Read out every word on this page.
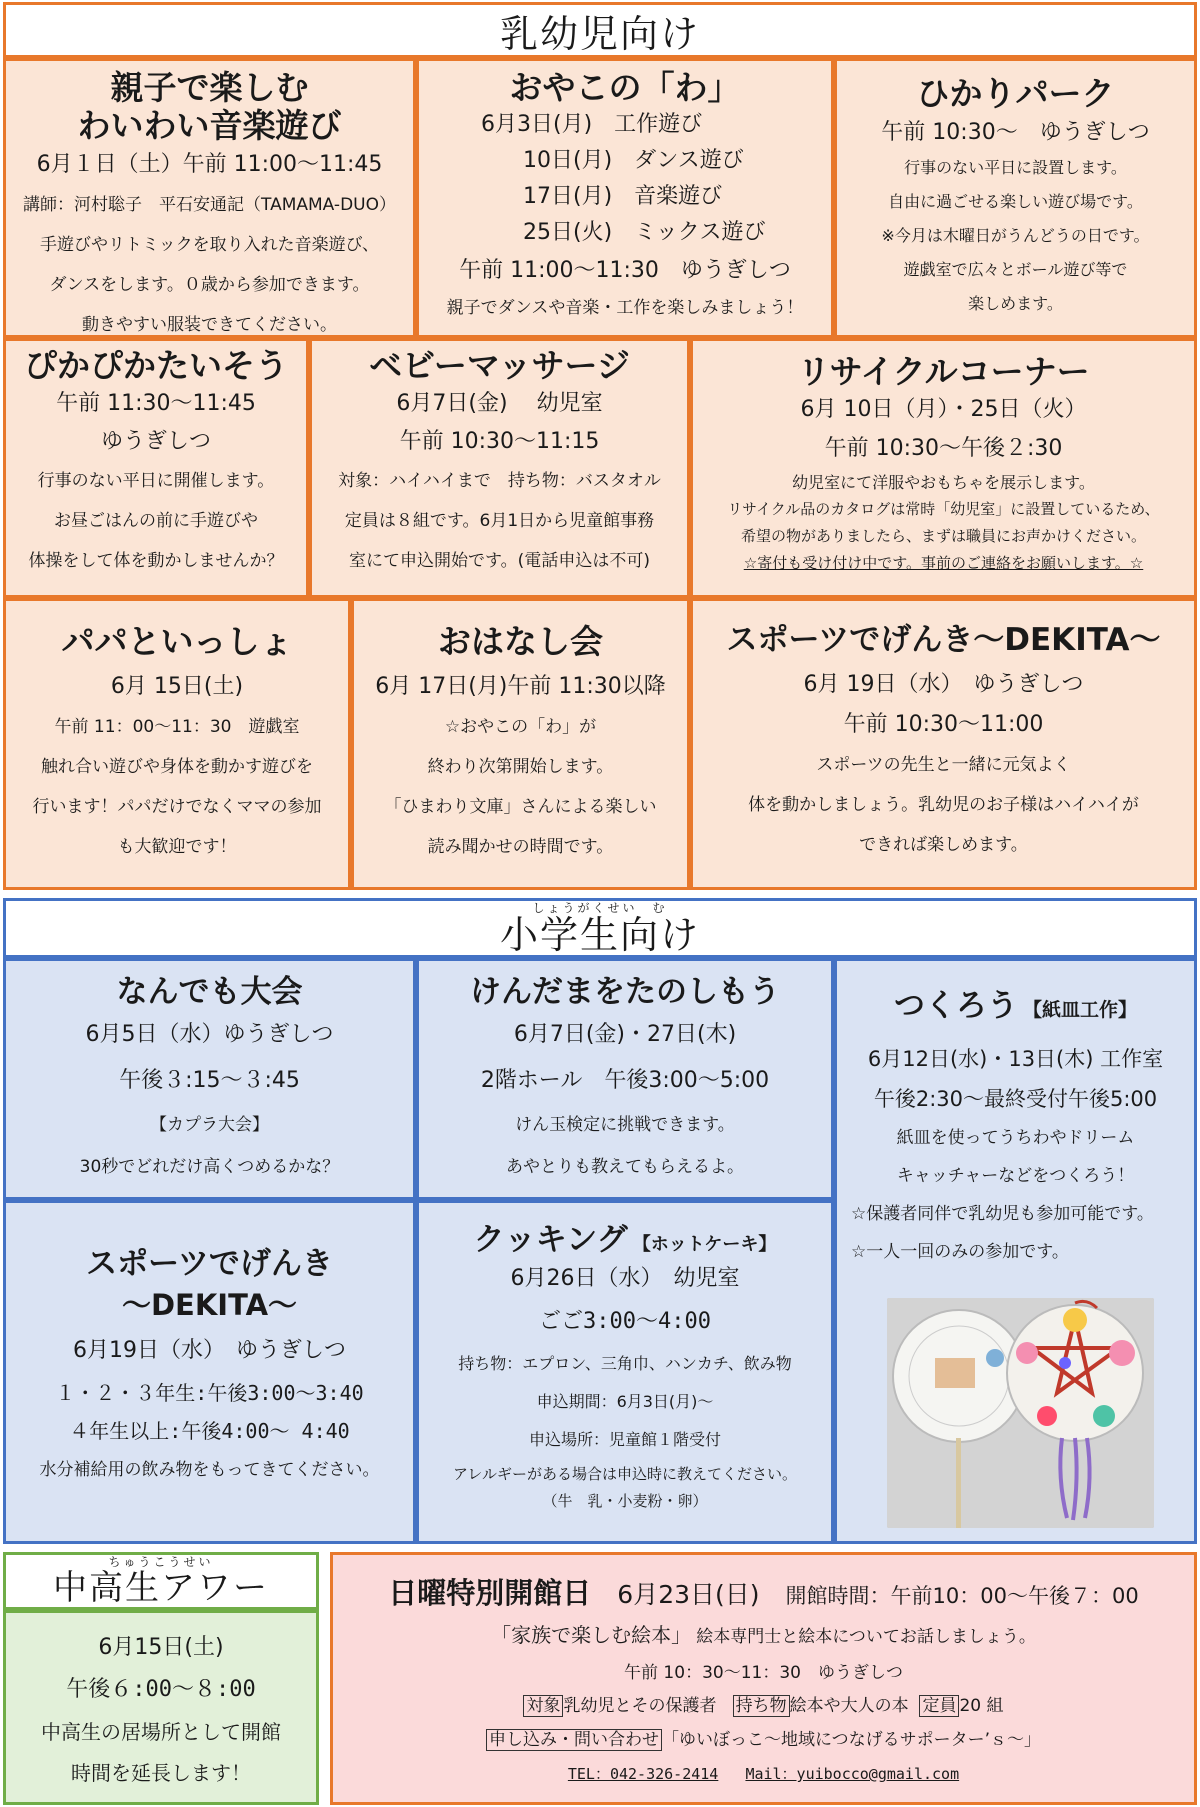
乳幼児向け
親子で楽しむ
わいわい音楽遊び
6月１日（土）午前 11:00～11:45
講師：河村聡子　平石安通記（TAMAMA-DUO）
手遊びやリトミックを取り入れた音楽遊び、
ダンスをします。０歳から参加できます。
動きやすい服装できてください。
おやこの「わ」
6月3日(月)　工作遊び
10日(月)　ダンス遊び
17日(月)　音楽遊び
25日(火)　ミックス遊び
午前 11:00～11:30　ゆうぎしつ
親子でダンスや音楽・工作を楽しみましょう！
ひかりパーク
午前 10:30～　ゆうぎしつ
行事のない平日に設置します。
自由に過ごせる楽しい遊び場です。
※今月は木曜日がうんどうの日です。
遊戯室で広々とボール遊び等で
楽しめます。
ぴかぴかたいそう
午前 11:30～11:45
ゆうぎしつ
行事のない平日に開催します。
お昼ごはんの前に手遊びや
体操をして体を動かしませんか？
ベビーマッサージ
6月7日(金)　 幼児室
午前 10:30～11:15
対象：ハイハイまで　持ち物：バスタオル
定員は８組です。6月1日から児童館事務
室にて申込開始です。(電話申込は不可)
リサイクルコーナー
6月 10日（月）・25日（火）
午前 10:30～午後２:30
幼児室にて洋服やおもちゃを展示します。
リサイクル品のカタログは常時「幼児室」に設置しているため、
希望の物がありましたら、まずは職員にお声かけください。
☆寄付も受け付け中です。事前のご連絡をお願いします。☆
パパといっしょ
6月 15日(土)
午前 11：00～11：30　遊戯室
触れ合い遊びや身体を動かす遊びを
行います！パパだけでなくママの参加
も大歓迎です！
おはなし会
6月 17日(月)午前 11:30以降
☆おやこの「わ」が
終わり次第開始します。
「ひまわり文庫」さんによる楽しい
読み聞かせの時間です。
スポーツでげんき～DEKITA～
6月 19日（水）　ゆうぎしつ
午前 10:30～11:00
スポーツの先生と一緒に元気よく
体を動かしましょう。乳幼児のお子様はハイハイが
できれば楽しめます。
しょうがくせい　む
小学生向け
なんでも大会
6月5日（水）ゆうぎしつ
午後３:15～３:45
【カプラ大会】
30秒でどれだけ高くつめるかな？
けんだまをたのしもう
6月7日(金)・27日(木)
2階ホール　午後3:00～5:00
けん玉検定に挑戦できます。
あやとりも教えてもらえるよ。
つくろう 【紙皿工作】
6月12日(水)・13日(木) 工作室
午後2:30～最終受付午後5:00
紙皿を使ってうちわやドリーム
キャッチャーなどをつくろう！
☆保護者同伴で乳幼児も参加可能です。
☆一人一回のみの参加です。
スポーツでげんき
～DEKITA～
6月19日（水）　ゆうぎしつ
１・２・３年生:午後3:00～3:40
４年生以上:午後4:00～ 4:40
水分補給用の飲み物をもってきてください。
クッキング 【ホットケーキ】
6月26日（水）　幼児室
ごご3:00～4:00
持ち物：エプロン、三角巾、ハンカチ、飲み物
申込期間：6月3日(月)～
申込場所：児童館１階受付
アレルギーがある場合は申込時に教えてください。
（牛　乳・小麦粉・卵）
ちゅうこうせい
中高生アワー
6月15日(土)
午後６:00～８:00
中高生の居場所として開館
時間を延長します！
日曜特別開館日 6月23日(日) 開館時間：午前10：00～午後７：00
「家族で楽しむ絵本」 絵本専門士と絵本についてお話しましょう。
午前 10：30～11：30　ゆうぎしつ
対象 乳幼児とその保護者 持ち物 絵本や大人の本 定員 20 組
申し込み・問い合わせ 「ゆいぼっこ～地域につなげるサポーター’ｓ～」
TEL：042-326-2414 Mail：yuibocco@gmail.com
